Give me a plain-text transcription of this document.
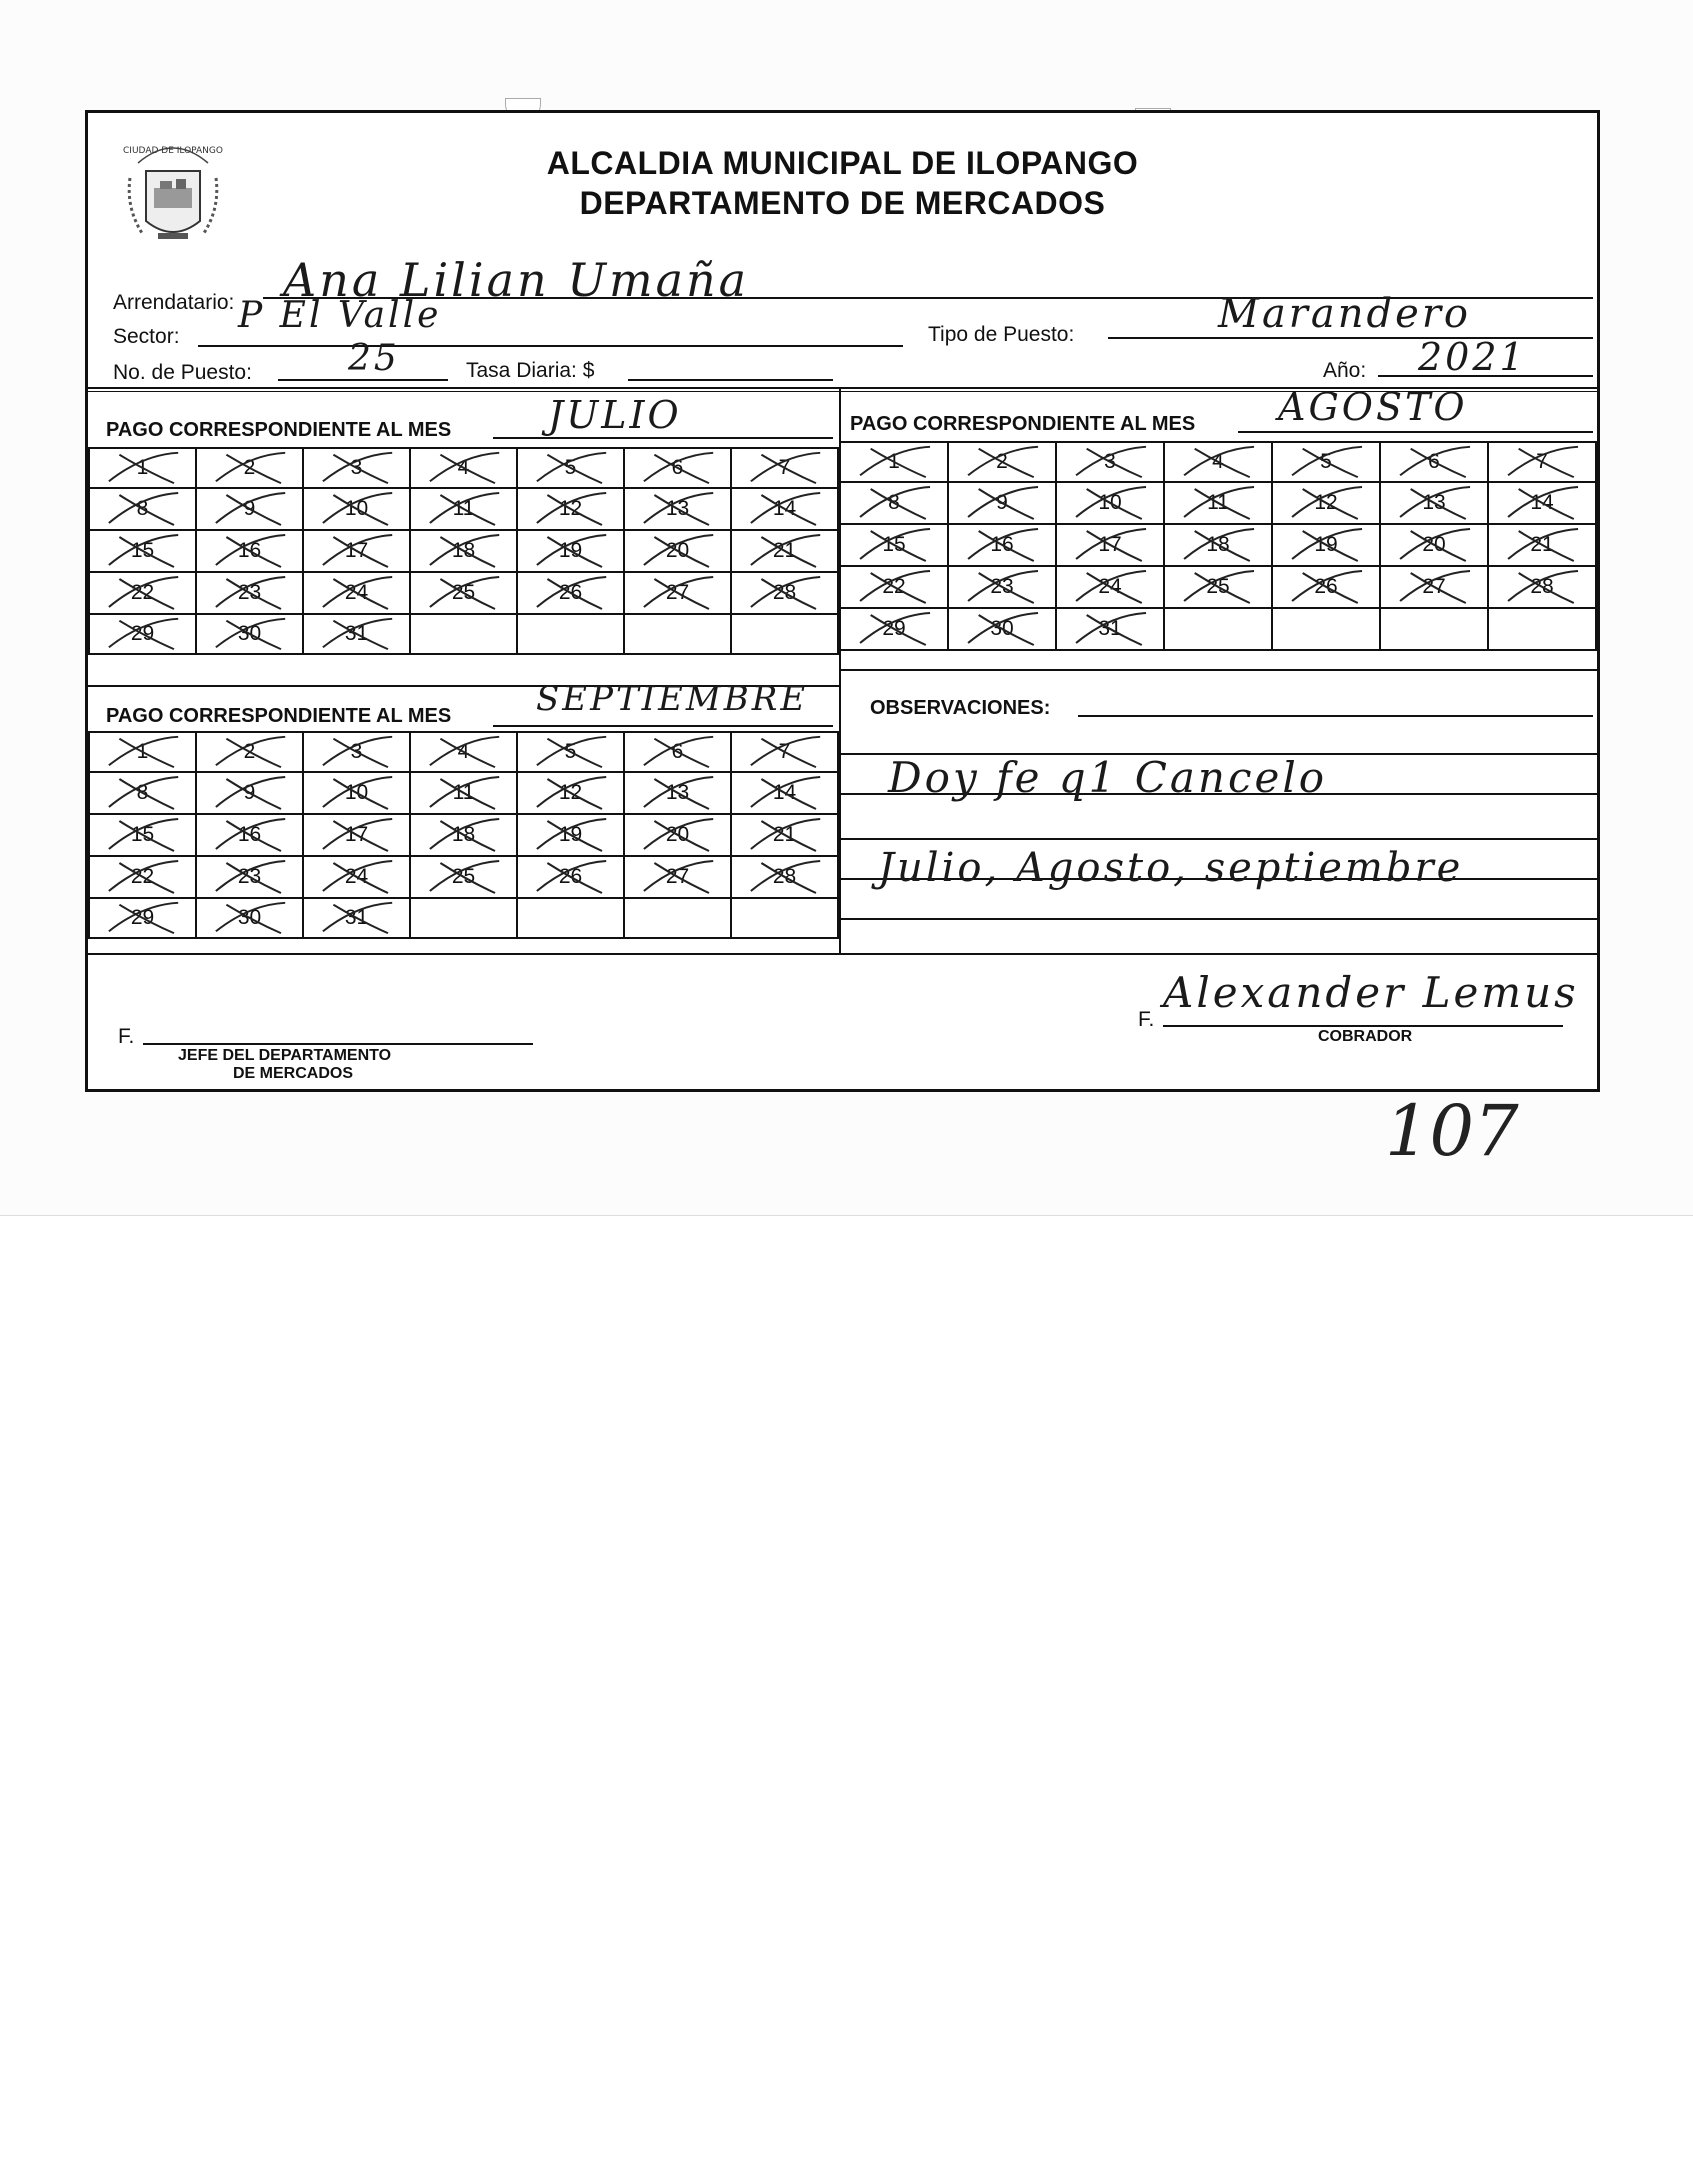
CIUDAD DE ILOPANGO	ALCALDIA MUNICIPAL DE ILOPANGO
DEPARTAMENTO DE MERCADOS
Arrendatario: Ana Lilian Umaña
Sector:
P El Valle	Tipo de Puesto:	Marandero
No. de Puesto:	25	Tasa Diaria: $	Año: 2021
PAGO CORRESPONDIENTE AL MES	JULIO
1	2	3	4	5	6	7

8	9	10	11	12	13	14

15	16	17	18	19	20	21

22	23	24	25	26	27	28

29	30	31

PAGO CORRESPONDIENTE AL MES AGOSTO
1	2	3	4	5	6	7

8	9	10	11	12	13	14

15	16	17	18	19	20	21

22	23	24	25	26	27	28

29	30	31

PAGO CORRESPONDIENTE AL MES SEPTIEMBRE
1	2	3	4	5	6	7

8	9	10	11	12	13	14

15	16	17	18	19	20	21

22	23	24	25	26	27	28

29	30	31

OBSERVACIONES:
Doy fe q1 Cancelo
Julio, Agosto, septiembre
F.
JEFE DEL DEPARTAMENTO
DE MERCADOS
F.
Alexander Lemus
COBRADOR
107
